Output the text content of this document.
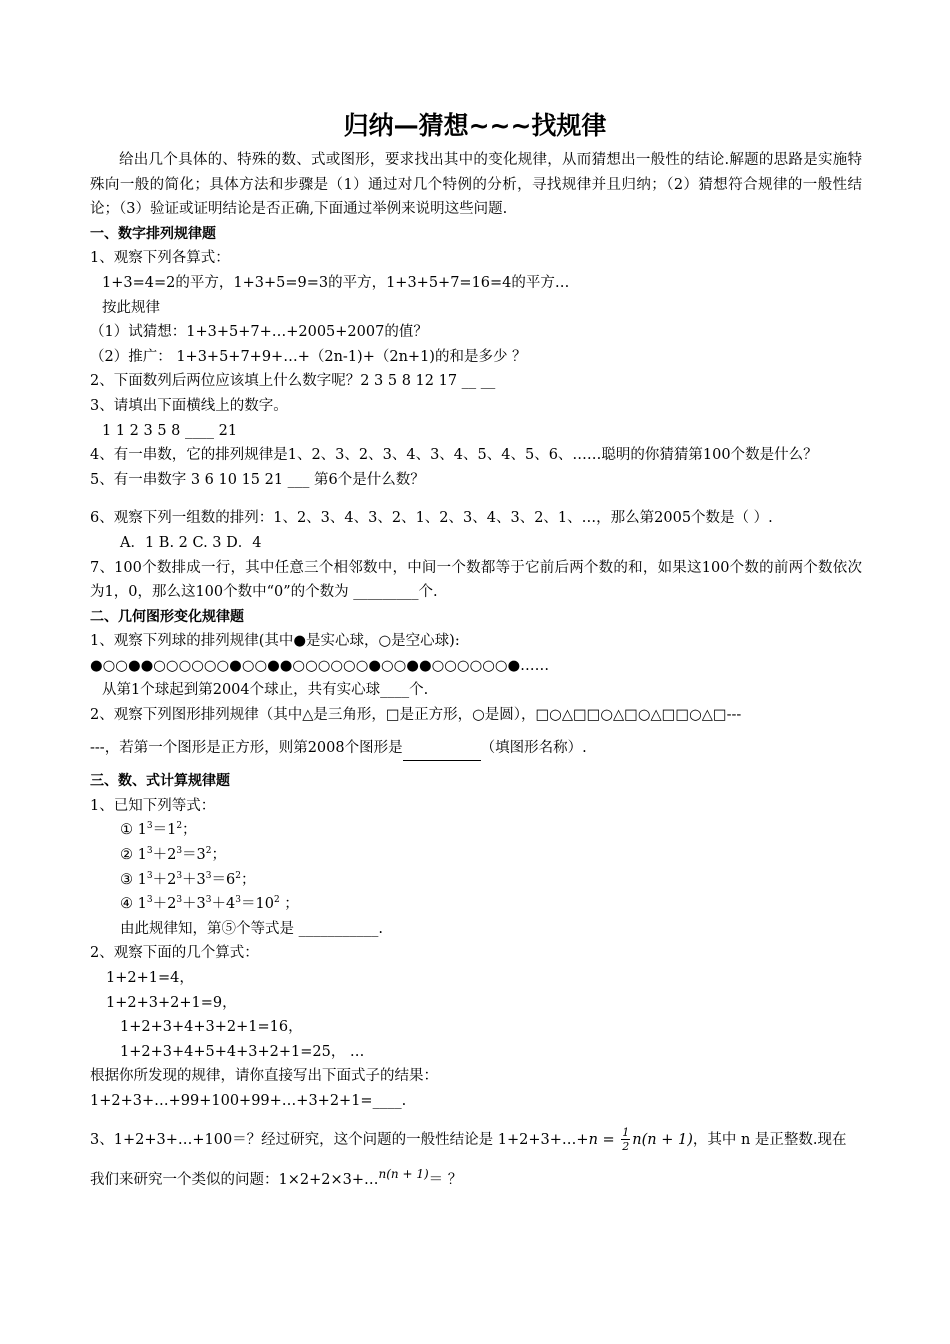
归纳—猜想~~~找规律

给出几个具体的、特殊的数、式或图形，要求找出其中的变化规律，从而猜想出一般性的结论.解题的思路是实施特殊向一般的简化；具体方法和步骤是（1）通过对几个特例的分析，寻找规律并且归纳；（2）猜想符合规律的一般性结论；（3）验证或证明结论是否正确,下面通过举例来说明这些问题.

一、数字排列规律题

1、观察下列各算式：

1+3=4=2的平方，1+3+5=9=3的平方，1+3+5+7=16=4的平方…

按此规律

（1）试猜想：1+3+5+7+…+2005+2007的值？

（2）推广： 1+3+5+7+9+…+（2n-1)+（2n+1)的和是多少 ？

2、下面数列后两位应该填上什么数字呢？2 3 5 8 12 17 __ __

3、请填出下面横线上的数字。

1 1 2 3 5 8 ____ 21

4、有一串数，它的排列规律是1、2、3、2、3、4、3、4、5、4、5、6、……聪明的你猜猜第100个数是什么？

5、有一串数字 3 6 10 15 21 ___ 第6个是什么数？

6、观察下列一组数的排列：1、2、3、4、3、2、1、2、3、4、3、2、1、…，那么第2005个数是（ ）.

A．1 B. 2 C. 3 D．4

7、100个数排成一行，其中任意三个相邻数中，中间一个数都等于它前后两个数的和，如果这100个数的前两个数依次为1，0，那么这100个数中“0”的个数为 _________个.

二、几何图形变化规律题

1、观察下列球的排列规律(其中●是实心球，○是空心球):

●○○●●○○○○○○●○○●●○○○○○○●○○●●○○○○○○●……

从第1个球起到第2004个球止，共有实心球____个.

2、观察下列图形排列规律（其中△是三角形，□是正方形，○是圆），□○△□□○△□○△□□○△□---

---，若第一个图形是正方形，则第2008个图形是	（填图形名称）.

三、数、式计算规律题

1、已知下列等式：

① $1^3=1^2$；

② $1^3+2^3=3^2$；

③ $1^3+2^3+3^3=6^2$；

④ $1^3+2^3+3^3+4^3=10^2$ ；

由此规律知，第⑤个等式是 ___________.

2、观察下面的几个算式：

1+2+1=4，

1+2+3+2+1=9，

1+2+3+4+3+2+1=16，

1+2+3+4+5+4+3+2+1=25， …

根据你所发现的规律，请你直接写出下面式子的结果：

1+2+3+…+99+100+99+…+3+2+1=____.

3、1+2+3+…+100＝？经过研究，这个问题的一般性结论是 1+2+3+…+n = $\frac{1}{2} n(n + 1)$，其中 n 是正整数.现在

我们来研究一个类似的问题：1×2+2×3+…$^{n(n + 1)}$＝ ？
